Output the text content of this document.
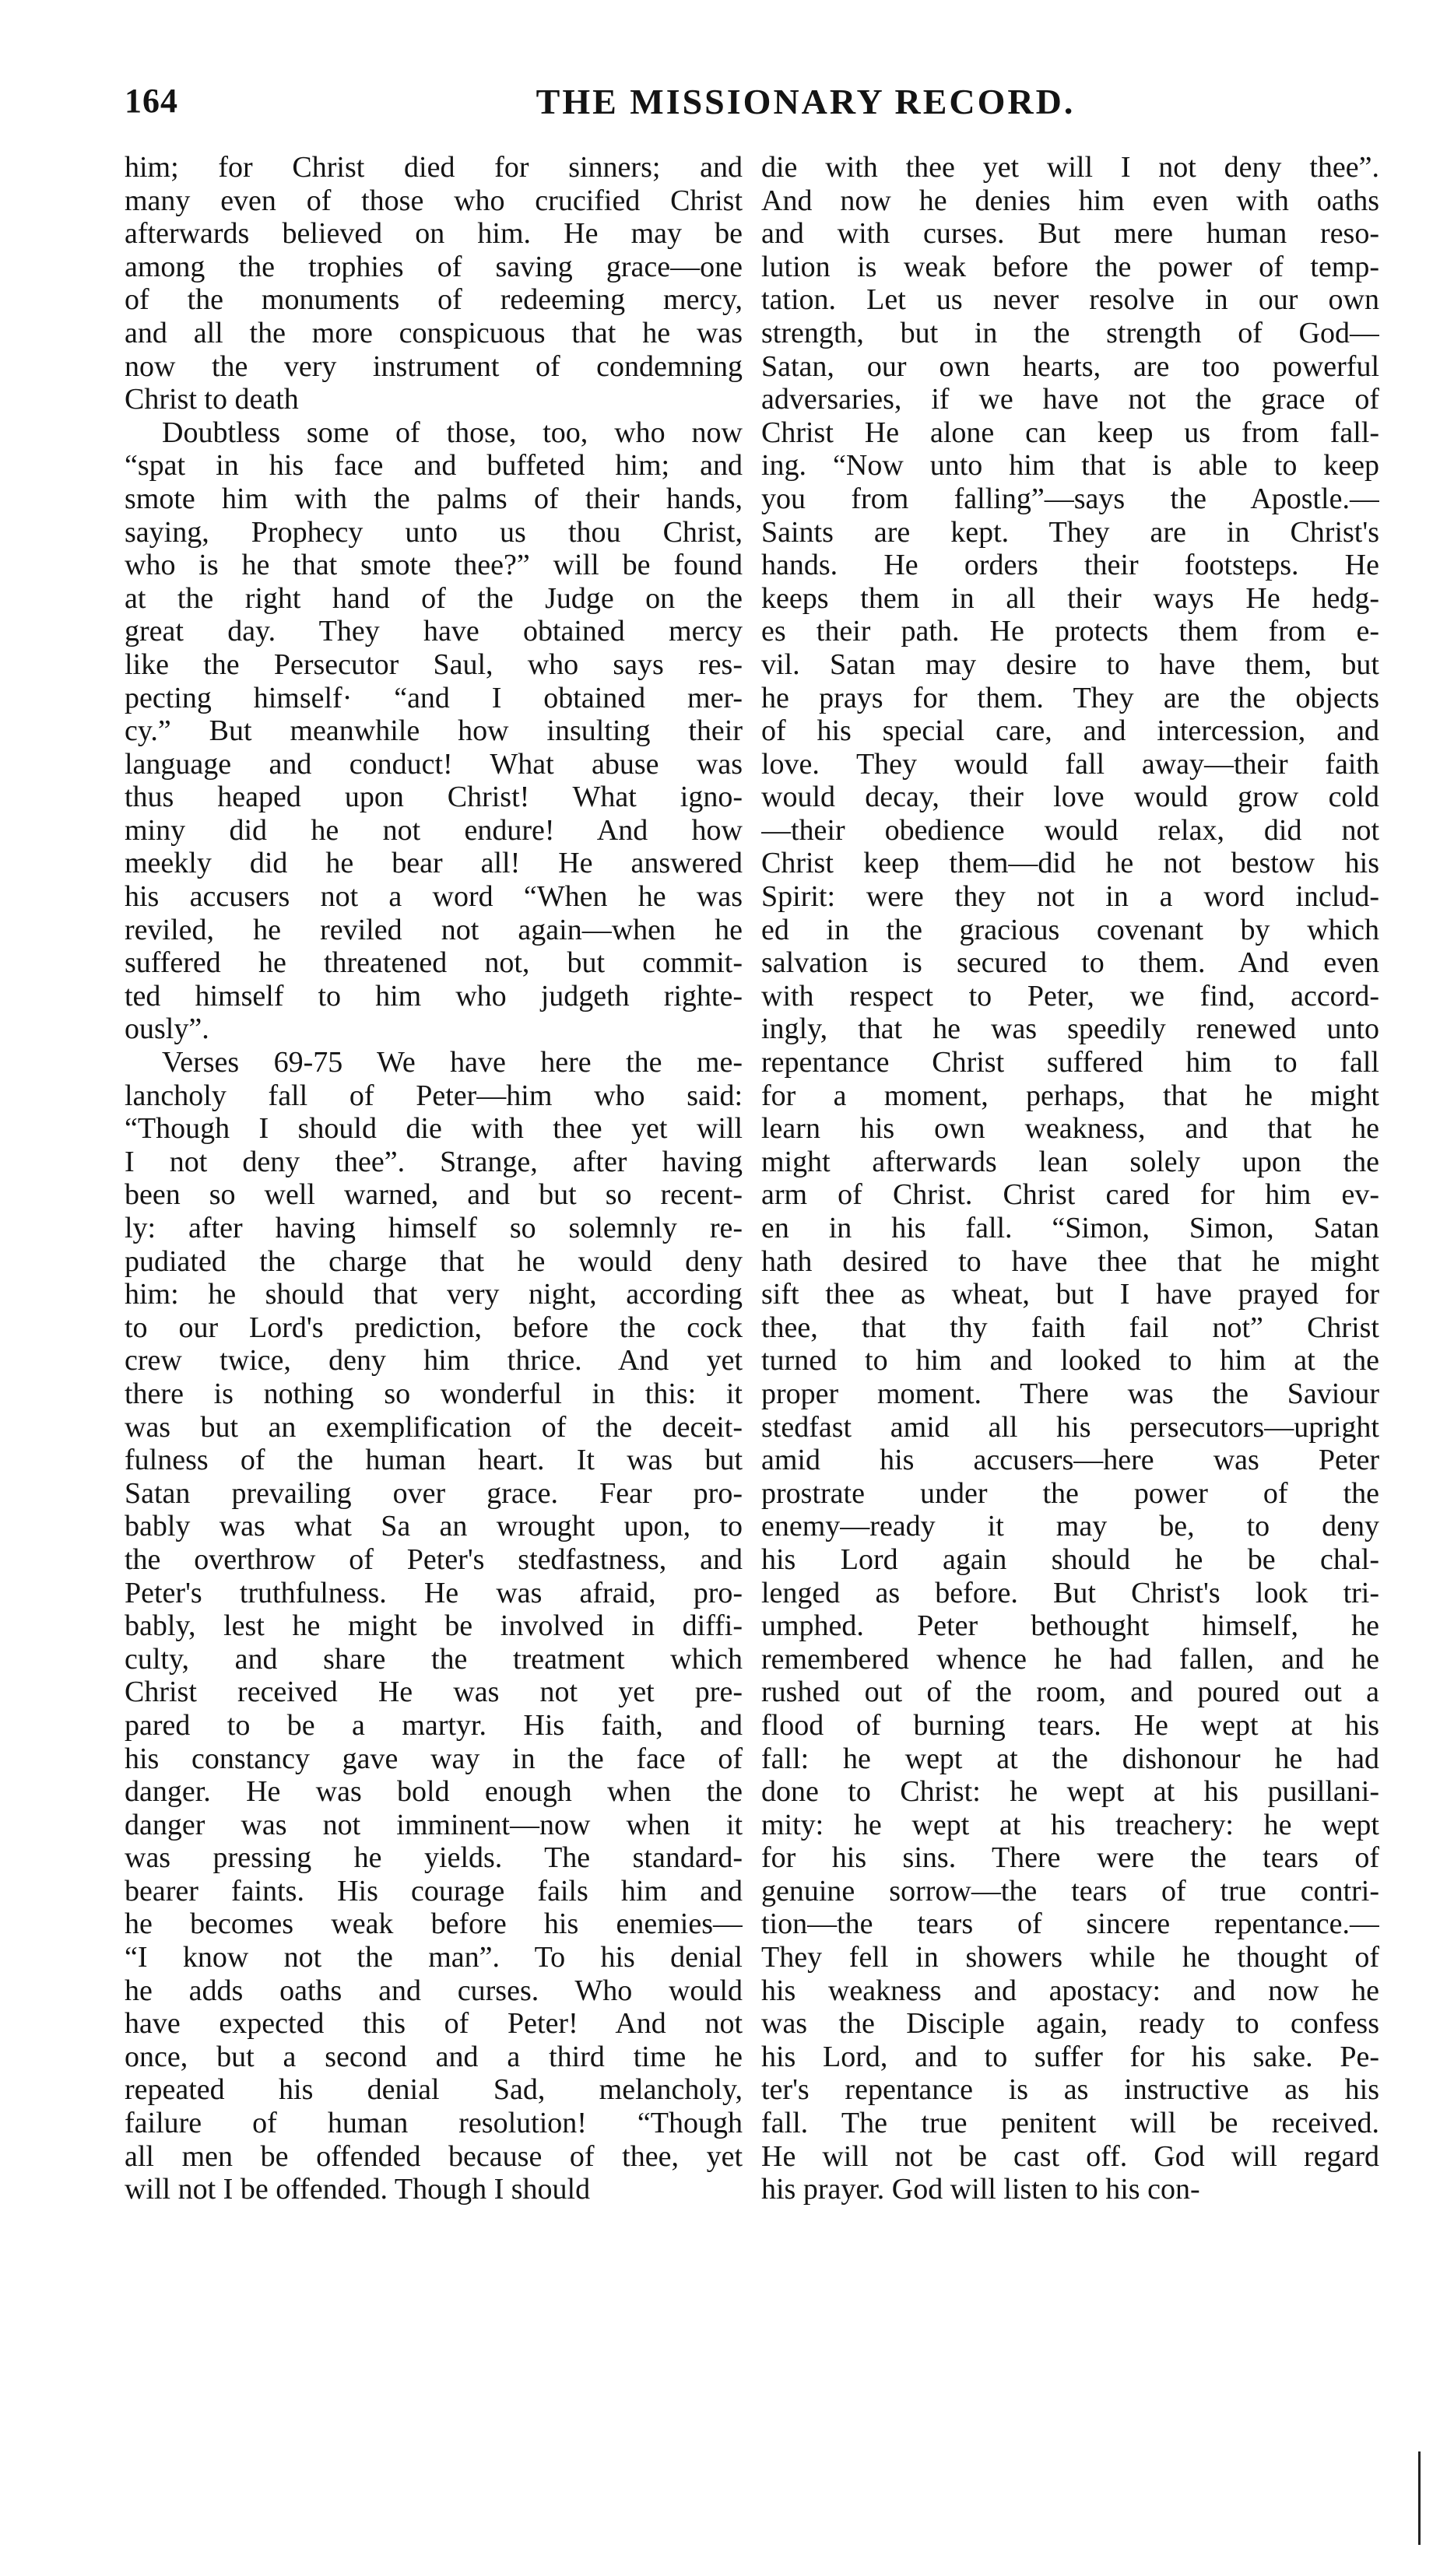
164	THE MISSIONARY RECORD.
him; for Christ died for sinners; and
many even of those who crucified Christ
afterwards believed on him. He may be
among the trophies of saving grace—one
of the monuments of redeeming mercy,
and all the more conspicuous that he was
now the very instrument of condemning
Christ to death
Doubtless some of those, too, who now
“spat in his face and buffeted him; and
smote him with the palms of their hands,
saying, Prophecy unto us thou Christ,
who is he that smote thee?” will be found
at the right hand of the Judge on the
great day. They have obtained mercy
like the Persecutor Saul, who says res-
pecting himself· “and I obtained mer-
cy.” But meanwhile how insulting their
language and conduct! What abuse was
thus heaped upon Christ! What igno-
miny did he not endure! And how
meekly did he bear all! He answered
his accusers not a word “When he was
reviled, he reviled not again—when he
suffered he threatened not, but commit-
ted himself to him who judgeth righte-
ously”.
Verses 69-75 We have here the me-
lancholy fall of Peter—him who said:
“Though I should die with thee yet will
I not deny thee”. Strange, after having
been so well warned, and but so recent-
ly: after having himself so solemnly re-
pudiated the charge that he would deny
him: he should that very night, according
to our Lord's prediction, before the cock
crew twice, deny him thrice. And yet
there is nothing so wonderful in this: it
was but an exemplification of the deceit-
fulness of the human heart. It was but
Satan prevailing over grace. Fear pro-
bably was what Sa an wrought upon, to
the overthrow of Peter's stedfastness, and
Peter's truthfulness. He was afraid, pro-
bably, lest he might be involved in diffi-
culty, and share the treatment which
Christ received He was not yet pre-
pared to be a martyr. His faith, and
his constancy gave way in the face of
danger. He was bold enough when the
danger was not imminent—now when it
was pressing he yields. The standard-
bearer faints. His courage fails him and
he becomes weak before his enemies—
“I know not the man”. To his denial
he adds oaths and curses. Who would
have expected this of Peter! And not
once, but a second and a third time he
repeated his denial Sad, melancholy,
failure of human resolution! “Though
all men be offended because of thee, yet
will not I be offended. Though I should
die with thee yet will I not deny thee”.
And now he denies him even with oaths
and with curses. But mere human reso-
lution is weak before the power of temp-
tation. Let us never resolve in our own
strength, but in the strength of God—
Satan, our own hearts, are too powerful
adversaries, if we have not the grace of
Christ He alone can keep us from fall-
ing. “Now unto him that is able to keep
you from falling”—says the Apostle.—
Saints are kept. They are in Christ's
hands. He orders their footsteps. He
keeps them in all their ways He hedg-
es their path. He protects them from e-
vil. Satan may desire to have them, but
he prays for them. They are the objects
of his special care, and intercession, and
love. They would fall away—their faith
would decay, their love would grow cold
—their obedience would relax, did not
Christ keep them—did he not bestow his
Spirit: were they not in a word includ-
ed in the gracious covenant by which
salvation is secured to them. And even
with respect to Peter, we find, accord-
ingly, that he was speedily renewed unto
repentance Christ suffered him to fall
for a moment, perhaps, that he might
learn his own weakness, and that he
might afterwards lean solely upon the
arm of Christ. Christ cared for him ev-
en in his fall. “Simon, Simon, Satan
hath desired to have thee that he might
sift thee as wheat, but I have prayed for
thee, that thy faith fail not” Christ
turned to him and looked to him at the
proper moment. There was the Saviour
stedfast amid all his persecutors—upright
amid his accusers—here was Peter
prostrate under the power of the
enemy—ready it may be, to deny
his Lord again should he be chal-
lenged as before. But Christ's look tri-
umphed. Peter bethought himself, he
remembered whence he had fallen, and he
rushed out of the room, and poured out a
flood of burning tears. He wept at his
fall: he wept at the dishonour he had
done to Christ: he wept at his pusillani-
mity: he wept at his treachery: he wept
for his sins. There were the tears of
genuine sorrow—the tears of true contri-
tion—the tears of sincere repentance.—
They fell in showers while he thought of
his weakness and apostacy: and now he
was the Disciple again, ready to confess
his Lord, and to suffer for his sake. Pe-
ter's repentance is as instructive as his
fall. The true penitent will be received.
He will not be cast off. God will regard
his prayer. God will listen to his con-
